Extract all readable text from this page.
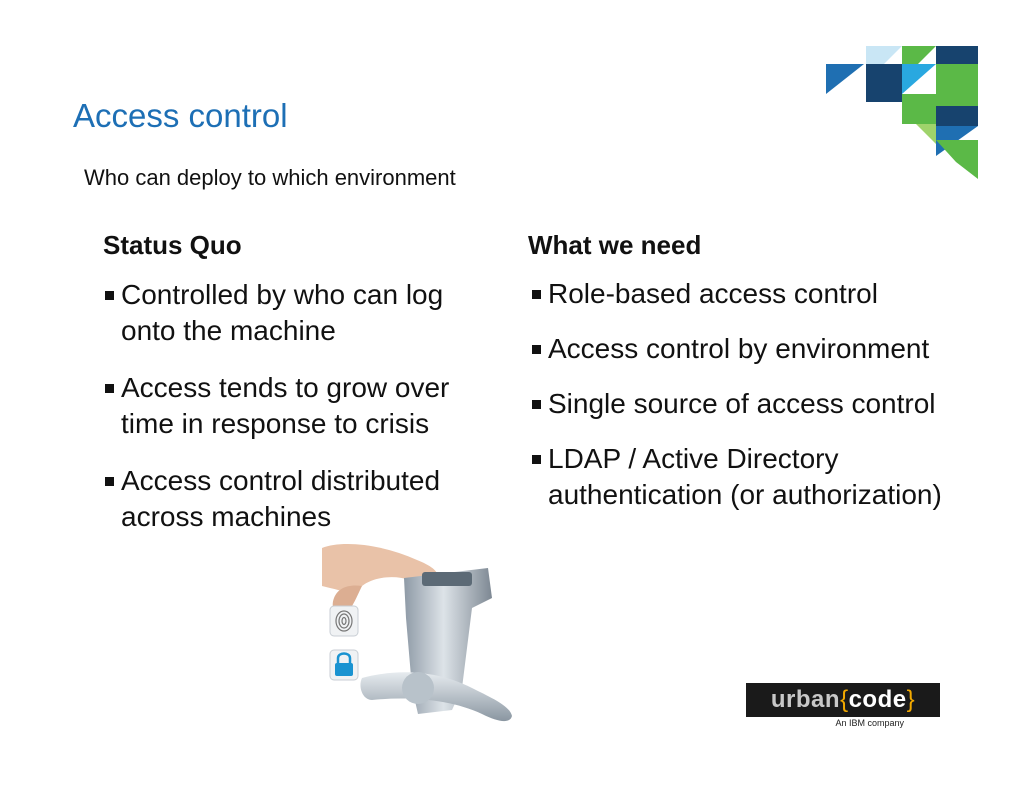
Access control
Who can deploy to which environment
Status Quo
Controlled by who can log onto the machine
Access tends to grow over time in response to crisis
Access control distributed across machines
What we need
Role-based access control
Access control by environment
Single source of access control
LDAP / Active Directory authentication (or authorization)
urban{code}
An IBM company
